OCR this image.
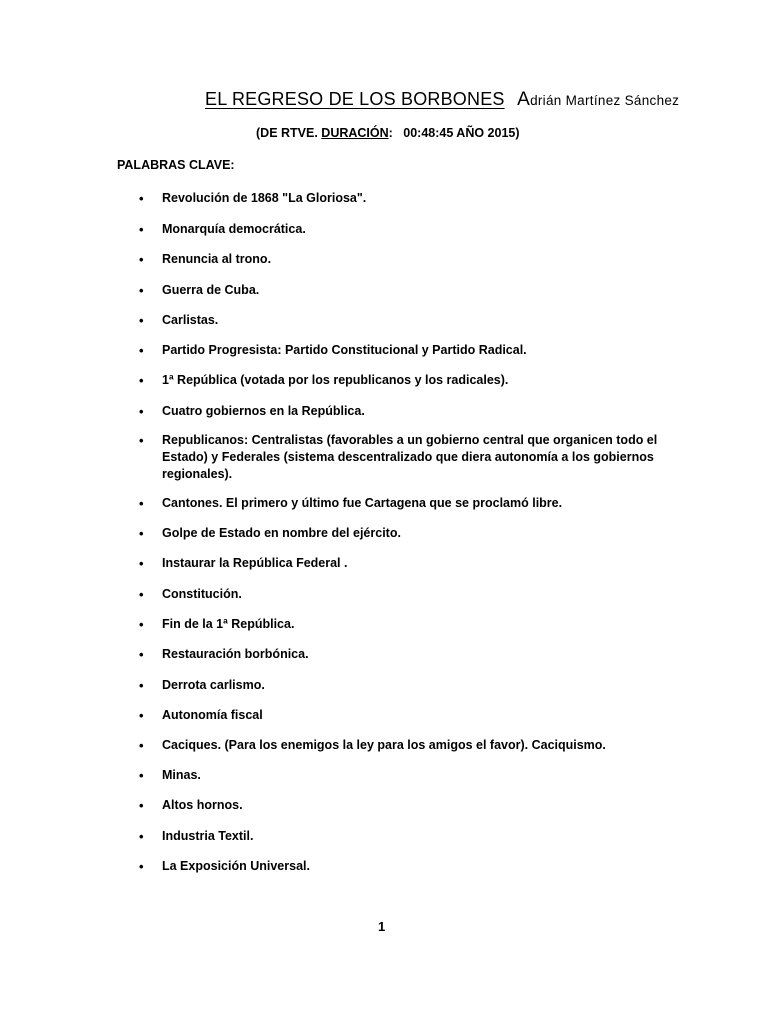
EL REGRESO DE LOS BORBONES Adrián Martínez Sánchez
(DE RTVE. DURACIÓN:   00:48:45 AÑO 2015)
PALABRAS CLAVE:
• Revolución de 1868 "La Gloriosa".
• Monarquía democrática.
• Renuncia al trono.
• Guerra de Cuba.
• Carlistas.
• Partido Progresista: Partido Constitucional y Partido Radical.
• 1ª República (votada por los republicanos y los radicales).
• Cuatro gobiernos en la República.
• Republicanos: Centralistas (favorables a un gobierno central que organicen todo el Estado) y Federales (sistema descentralizado que diera autonomía a los gobiernos regionales).
• Cantones. El primero y último fue Cartagena que se proclamó libre.
• Golpe de Estado en nombre del ejército.
• Instaurar la República Federal .
• Constitución.
• Fin de la 1ª República.
• Restauración borbónica.
• Derrota carlismo.
• Autonomía fiscal
• Caciques. (Para los enemigos la ley para los amigos el favor). Caciquismo.
• Minas.
• Altos hornos.
• Industria Textil.
• La Exposición Universal.
1
